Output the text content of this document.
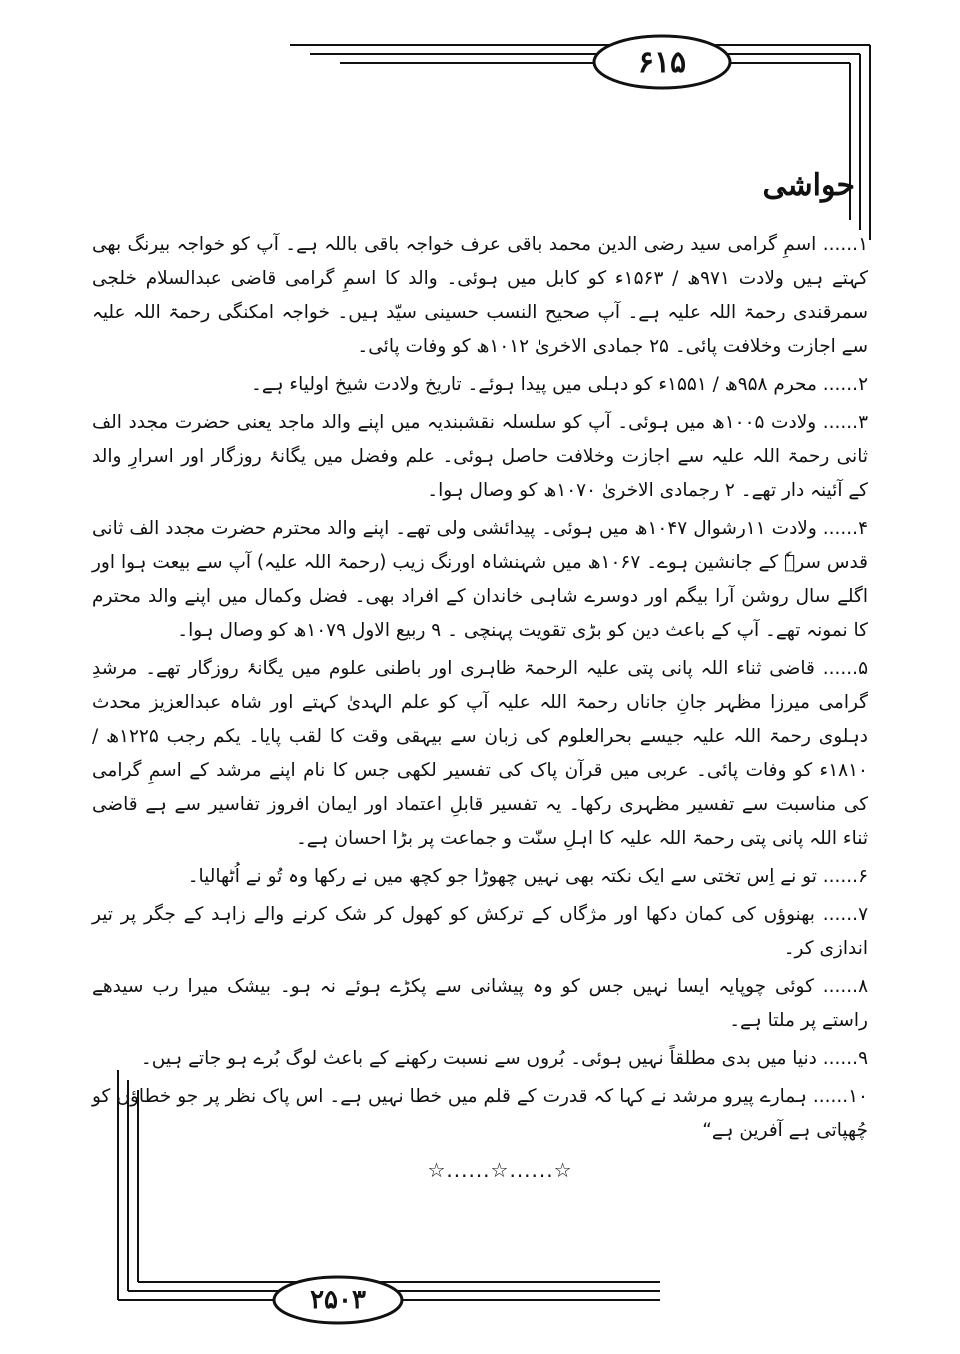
۶۱۵
۲۵۰۳
حواشی

۱...... اسمِ گرامی سید رضی الدین محمد باقی عرف خواجہ باقی باللہ ہے۔ آپ کو خواجہ بیرنگ بھی کہتے ہیں ولادت ۹۷۱ھ / ۱۵۶۳ء کو کابل میں ہوئی۔ والد کا اسمِ گرامی قاضی عبدالسلام خلجی سمرقندی رحمۃ اللہ علیہ ہے۔ آپ صحیح النسب حسینی سیّد ہیں۔ خواجہ امکنگی رحمۃ اللہ علیہ سے اجازت وخلافت پائی۔ ۲۵ جمادی الاخریٰ ۱۰۱۲ھ کو وفات پائی۔

۲...... محرم ۹۵۸ھ / ۱۵۵۱ء کو دہلی میں پیدا ہوئے۔ تاریخ ولادت شیخ اولیاء ہے۔

۳...... ولادت ۱۰۰۵ھ میں ہوئی۔ آپ کو سلسلہ نقشبندیہ میں اپنے والد ماجد یعنی حضرت مجدد الف ثانی رحمۃ اللہ علیہ سے اجازت وخلافت حاصل ہوئی۔ علم وفضل میں یگانۂ روزگار اور اسرارِ والد کے آئینہ دار تھے۔ ۲ رجمادی الاخریٰ ۱۰۷۰ھ کو وصال ہوا۔

۴...... ولادت ۱۱رشوال ۱۰۴۷ھ میں ہوئی۔ پیدائشی ولی تھے۔ اپنے والد محترم حضرت مجدد الف ثانی قدس سرہٗ کے جانشین ہوے۔ ۱۰۶۷ھ میں شہنشاہ اورنگ زیب (رحمۃ اللہ علیہ) آپ سے بیعت ہوا اور اگلے سال روشن آرا بیگم اور دوسرے شاہی خاندان کے افراد بھی۔ فضل وکمال میں اپنے والد محترم کا نمونہ تھے۔ آپ کے باعث دین کو بڑی تقویت پہنچی ۔ ۹ ربیع الاول ۱۰۷۹ھ کو وصال ہوا۔

۵...... قاضی ثناء اللہ پانی پتی علیہ الرحمۃ ظاہری اور باطنی علوم میں یگانۂ روزگار تھے۔ مرشدِ گرامی میرزا مظہر جانِ جاناں رحمۃ اللہ علیہ آپ کو علم الہدیٰ کہتے اور شاہ عبدالعزیز محدث دہلوی رحمۃ اللہ علیہ جیسے بحرالعلوم کی زبان سے بیہقی وقت کا لقب پایا۔ یکم رجب ۱۲۲۵ھ / ۱۸۱۰ء کو وفات پائی۔ عربی میں قرآن پاک کی تفسیر لکھی جس کا نام اپنے مرشد کے اسمِ گرامی کی مناسبت سے تفسیر مظہری رکھا۔ یہ تفسیر قابلِ اعتماد اور ایمان افروز تفاسیر سے ہے قاضی ثناء اللہ پانی پتی رحمۃ اللہ علیہ کا اہلِ سنّت و جماعت پر بڑا احسان ہے۔

۶...... تو نے اِس تختی سے ایک نکتہ بھی نہیں چھوڑا جو کچھ میں نے رکھا وہ تُو نے اُٹھالیا۔

۷...... بھنوؤں کی کمان دکھا اور مژگاں کے ترکش کو کھول کر شک کرنے والے زاہد کے جگر پر تیر اندازی کر۔

۸...... کوئی چوپایہ ایسا نہیں جس کو وہ پیشانی سے پکڑے ہوئے نہ ہو۔ بیشک میرا رب سیدھے راستے پر ملتا ہے۔

۹...... دنیا میں بدی مطلقاً نہیں ہوئی۔ بُروں سے نسبت رکھنے کے باعث لوگ بُرے ہو جاتے ہیں۔

۱۰...... ہمارے پیرو مرشد نے کہا کہ قدرت کے قلم میں خطا نہیں ہے۔ اس پاک نظر پر جو خطاؤں کو چُھپاتی ہے آفرین ہے“

☆......☆......☆
